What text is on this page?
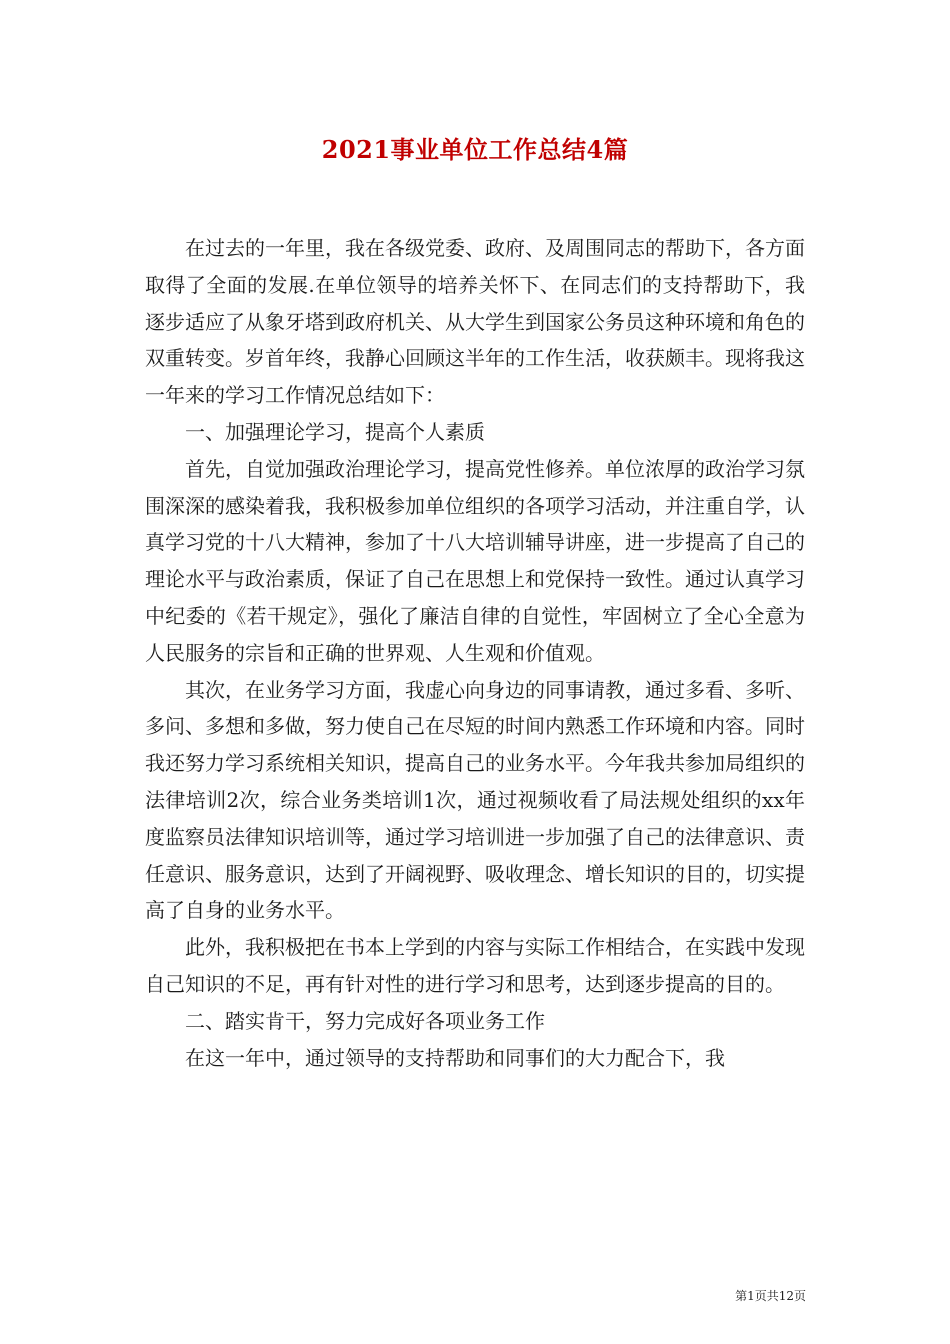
2021事业单位工作总结4篇

在过去的一年里，我在各级党委、政府、及周围同志的帮助下，各方面取得了全面的发展.在单位领导的培养关怀下、在同志们的支持帮助下，我逐步适应了从象牙塔到政府机关、从大学生到国家公务员这种环境和角色的双重转变。岁首年终，我静心回顾这半年的工作生活，收获颇丰。现将我这一年来的学习工作情况总结如下：

一、加强理论学习，提高个人素质

首先，自觉加强政治理论学习，提高党性修养。单位浓厚的政治学习氛围深深的感染着我，我积极参加单位组织的各项学习活动，并注重自学，认真学习党的十八大精神，参加了十八大培训辅导讲座，进一步提高了自己的理论水平与政治素质，保证了自己在思想上和党保持一致性。通过认真学习中纪委的《若干规定》，强化了廉洁自律的自觉性，牢固树立了全心全意为人民服务的宗旨和正确的世界观、人生观和价值观。

其次，在业务学习方面，我虚心向身边的同事请教，通过多看、多听、多问、多想和多做，努力使自己在尽短的时间内熟悉工作环境和内容。同时我还努力学习系统相关知识，提高自己的业务水平。今年我共参加局组织的法律培训2次，综合业务类培训1次，通过视频收看了局法规处组织的xx年度监察员法律知识培训等，通过学习培训进一步加强了自己的法律意识、责任意识、服务意识，达到了开阔视野、吸收理念、增长知识的目的，切实提高了自身的业务水平。

此外，我积极把在书本上学到的内容与实际工作相结合，在实践中发现自己知识的不足，再有针对性的进行学习和思考，达到逐步提高的目的。

二、踏实肯干，努力完成好各项业务工作

在这一年中，通过领导的支持帮助和同事们的大力配合下，我

第1页共12页
